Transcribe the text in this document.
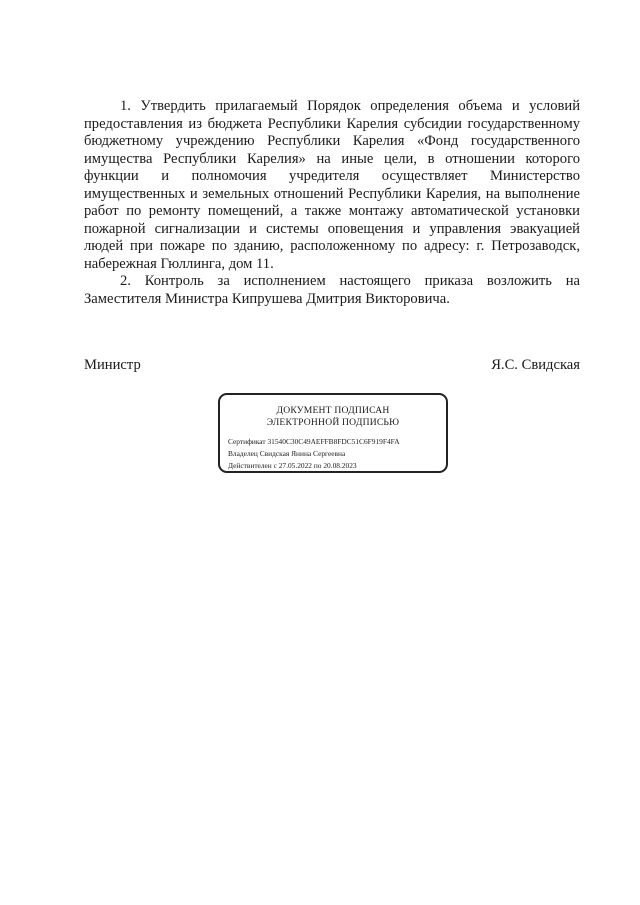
1. Утвердить прилагаемый Порядок определения объема и условий предоставления из бюджета Республики Карелия субсидии государственному бюджетному учреждению Республики Карелия «Фонд государственного имущества Республики Карелия» на иные цели, в отношении которого функции и полномочия учредителя осуществляет Министерство имущественных и земельных отношений Республики Карелия, на выполнение работ по ремонту помещений, а также монтажу автоматической установки пожарной сигнализации и системы оповещения и управления эвакуацией людей при пожаре по зданию, расположенному по адресу: г. Петрозаводск, набережная Гюллинга, дом 11.

2. Контроль за исполнением настоящего приказа возложить на Заместителя Министра Кипрушева Дмитрия Викторовича.

Министр	Я.С. Свидская
ДОКУМЕНТ ПОДПИСАН
ЭЛЕКТРОННОЙ ПОДПИСЬЮ
Сертификат 31540C30C49AEFFB8FDC51C6F919F4FA
Владелец Свидская Янина Сергеевна
Действителен с 27.05.2022 по 20.08.2023
